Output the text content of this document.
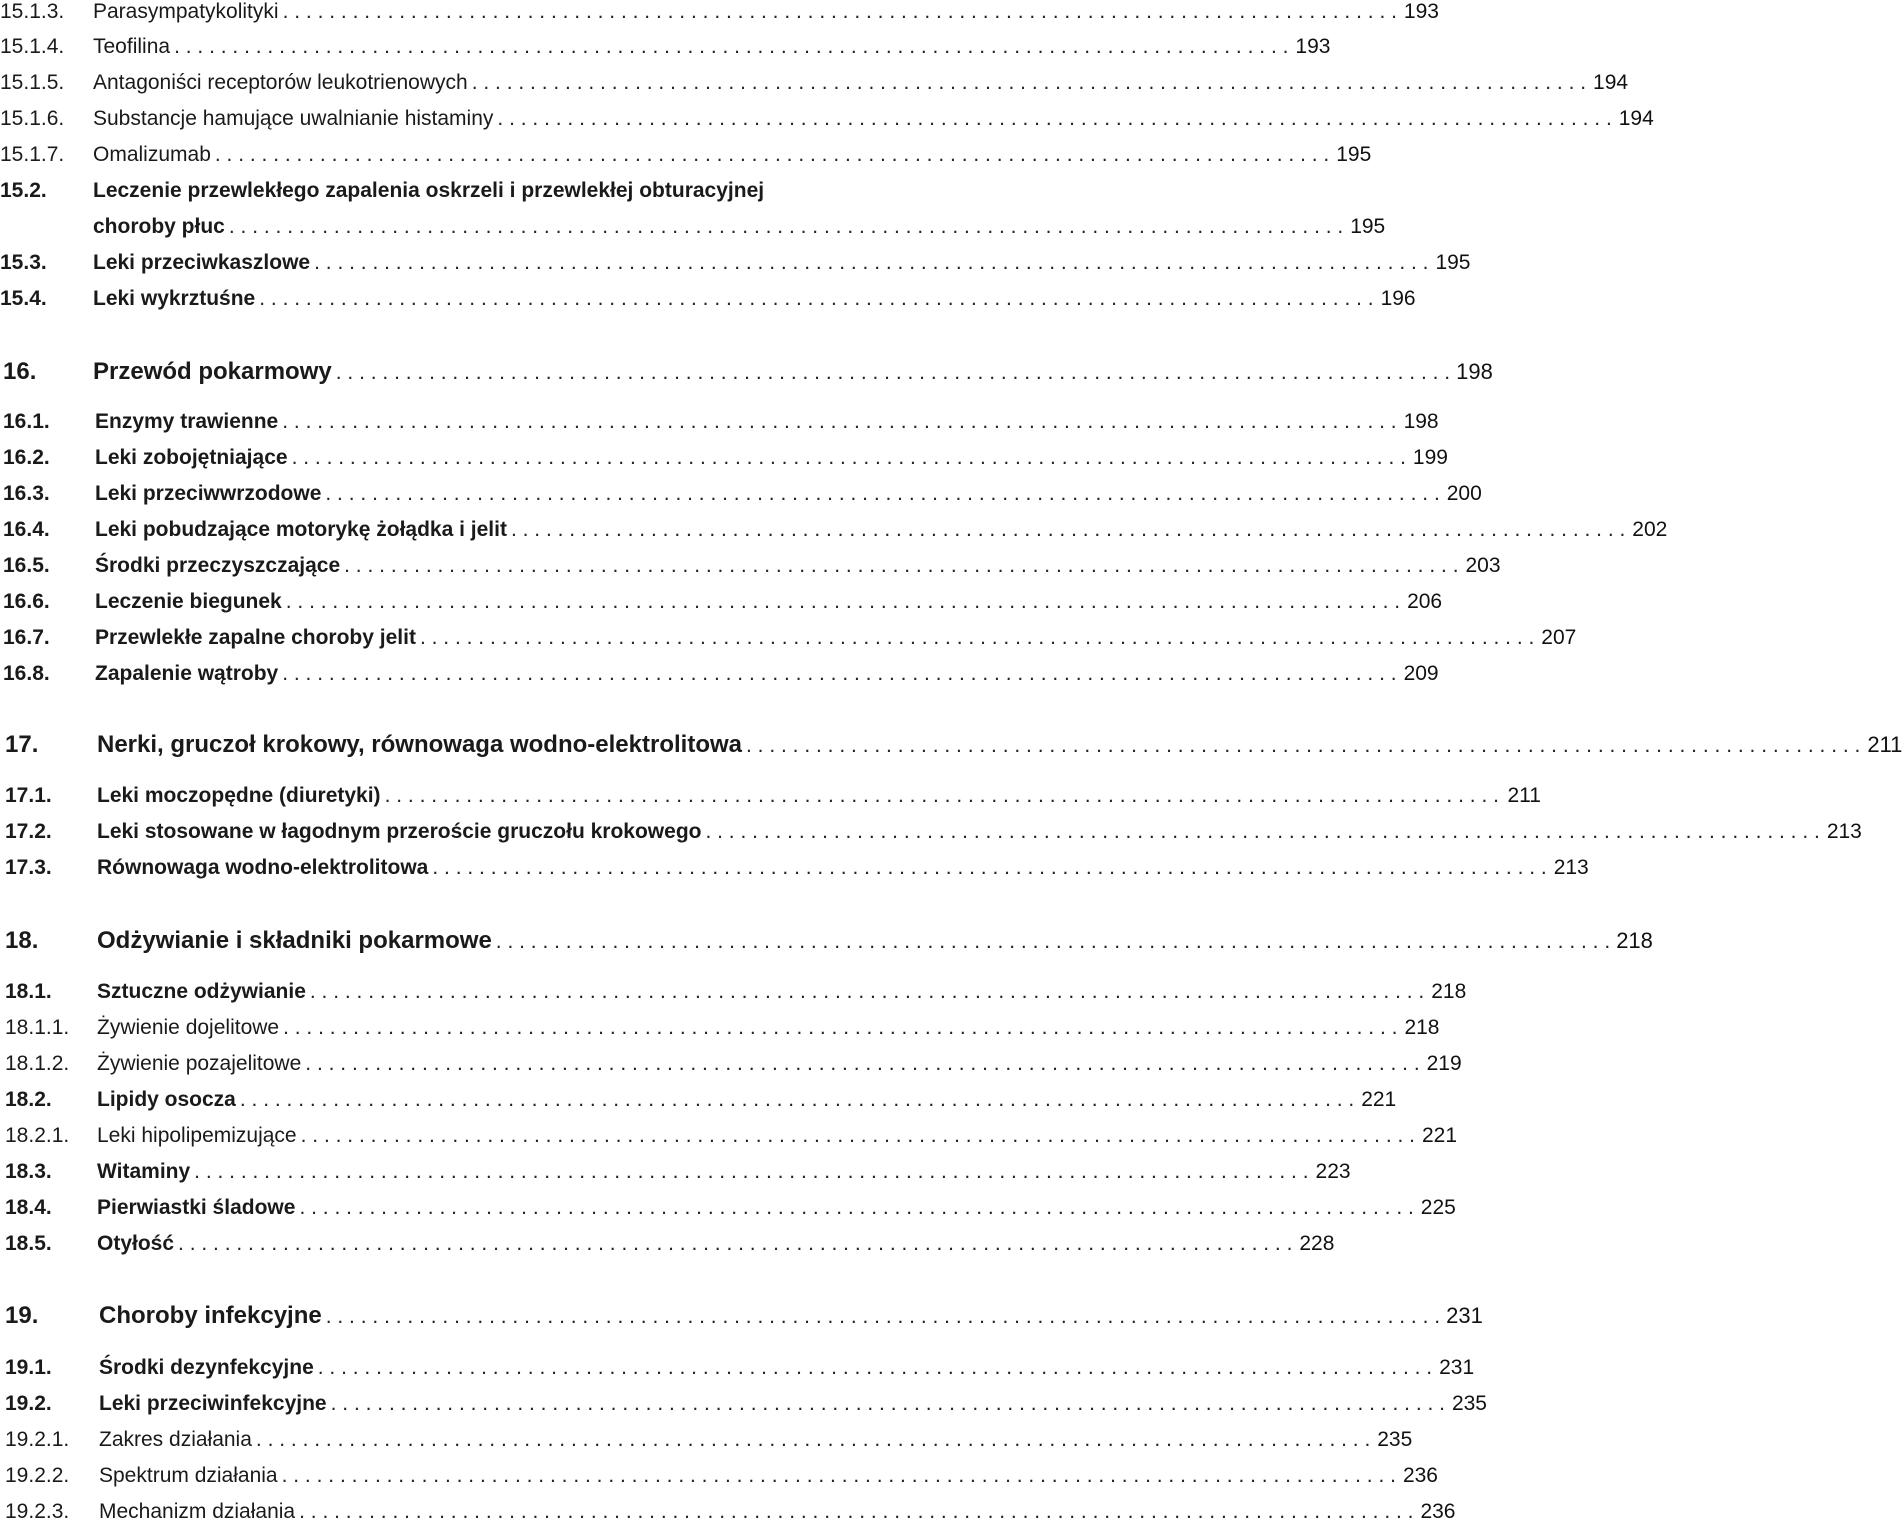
15.1.3. Parasympatykolityki . . .	193
15.1.4. Teofilina . . .	193
15.1.5. Antagoniści receptorów leukotrienowych . . .	194
15.1.6. Substancje hamujące uwalnianie histaminy . . .	194
15.1.7. Omalizumab . . .	195
15.2. Leczenie przewlekłego zapalenia oskrzeli i przewlekłej obturacyjnej
choroby płuc . . .	195
15.3. Leki przeciwkaszlowe . . .	195
15.4. Leki wykrztuśne . . .	196
16. Przewód pokarmowy . . .	198
16.1. Enzymy trawienne . . .	198
16.2. Leki zobojętniające . . .	199
16.3. Leki przeciwwrzodowe . . .	200
16.4. Leki pobudzające motorykę żołądka i jelit . . .	202
16.5. Środki przeczyszczające . . .	203
16.6. Leczenie biegunek . . .	206
16.7. Przewlekłe zapalne choroby jelit . . .	207
16.8. Zapalenie wątroby . . .	209
17. Nerki, gruczoł krokowy, równowaga wodno-elektrolitowa . . .	211
17.1. Leki moczopędne (diuretyki) . . .	211
17.2. Leki stosowane w łagodnym przeroście gruczołu krokowego . . .	213
17.3. Równowaga wodno-elektrolitowa . . .	213
18. Odżywianie i składniki pokarmowe . . .	218
18.1. Sztuczne odżywianie . . .	218
18.1.1. Żywienie dojelitowe . . .	218
18.1.2. Żywienie pozajelitowe . . .	219
18.2. Lipidy osocza . . .	221
18.2.1. Leki hipolipemizujące . . .	221
18.3. Witaminy . . .	223
18.4. Pierwiastki śladowe . . .	225
18.5. Otyłość . . .	228
19.	Choroby infekcyjne . . .	231
19.1. Środki dezynfekcyjne . . .	231
19.2. Leki przeciwinfekcyjne . . .	235
19.2.1. Zakres działania . . .	235
19.2.2. Spektrum działania . . .	236
19.2.3. Mechanizm działania . . .	236
